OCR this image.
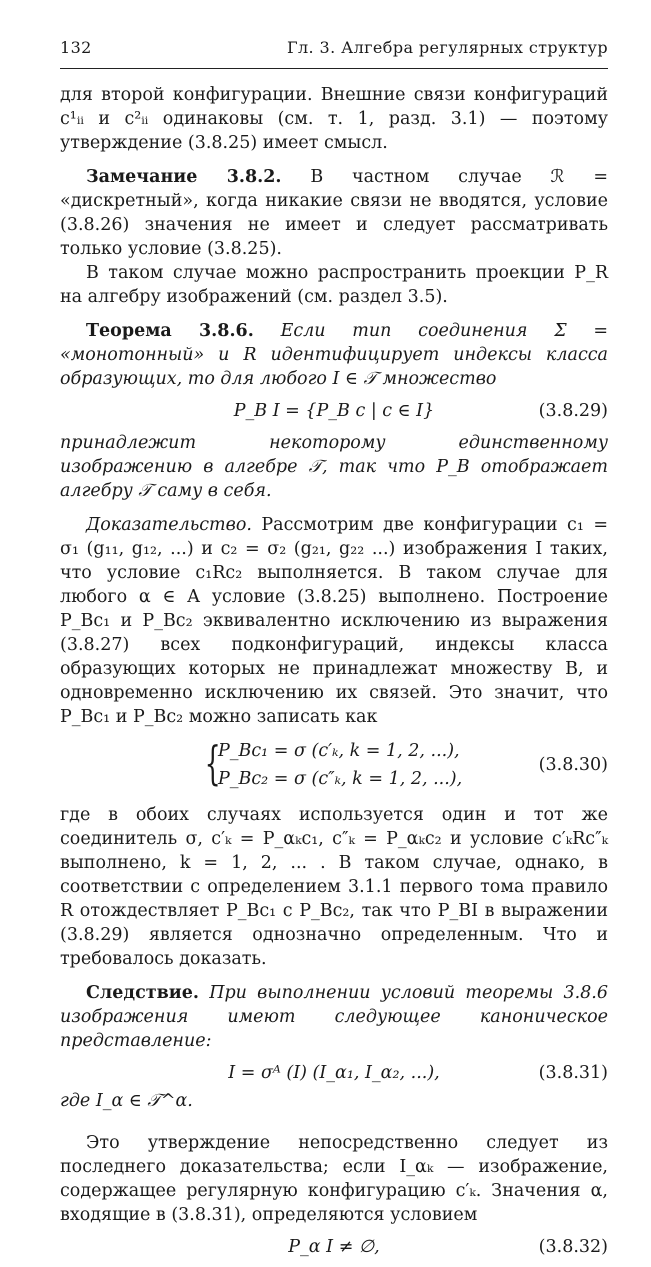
132	Гл. 3. Алгебра регулярных структур

для второй конфигурации. Внешние связи конфигураций c¹ᵢᵢ и c²ᵢᵢ одинаковы (см. т. 1, разд. 3.1) — поэтому утверждение (3.8.25) имеет смысл.

Замечание 3.8.2. В частном случае ℛ = «дискретный», когда никакие связи не вводятся, условие (3.8.26) значения не имеет и следует рассматривать только условие (3.8.25).

В таком случае можно распространить проекции P_R на алгебру изображений (см. раздел 3.5).

Теорема 3.8.6. Если тип соединения Σ = «монотонный» и R идентифицирует индексы класса образующих, то для любого I ∈ 𝒯 множество

P_B I = {P_B c | c ∈ I}	(3.8.29)

принадлежит некоторому единственному изображению в алгебре 𝒯, так что P_B отображает алгебру 𝒯 саму в себя.

Доказательство. Рассмотрим две конфигурации c₁ = σ₁ (g₁₁, g₁₂, ...) и c₂ = σ₂ (g₂₁, g₂₂ ...) изображения I таких, что условие c₁Rc₂ выполняется. В таком случае для любого α ∈ A условие (3.8.25) выполнено. Построение P_Bc₁ и P_Bc₂ эквивалентно исключению из выражения (3.8.27) всех подконфигураций, индексы класса образующих которых не принадлежат множеству B, и одновременно исключению их связей. Это значит, что P_Bc₁ и P_Bc₂ можно записать как

{
P_Bc₁ = σ (c′ₖ, k = 1, 2, ...),
P_Bc₂ = σ (c″ₖ, k = 1, 2, ...),
(3.8.30)

где в обоих случаях используется один и тот же соединитель σ, c′ₖ = P_αₖc₁, c″ₖ = P_αₖc₂ и условие c′ₖRc″ₖ выполнено, k = 1, 2, ... . В таком случае, однако, в соответствии с определением 3.1.1 первого тома правило R отождествляет P_Bc₁ с P_Bc₂, так что P_BI в выражении (3.8.29) является однозначно определенным. Что и требовалось доказать.

Следствие. При выполнении условий теоремы 3.8.6 изображения имеют следующее каноническое представление:

I = σᴬ (I) (I_α₁, I_α₂, ...),	(3.8.31)

где I_α ∈ 𝒯^α.

Это утверждение непосредственно следует из последнего доказательства; если I_αₖ — изображение, содержащее регулярную конфигурацию c′ₖ. Значения α, входящие в (3.8.31), определяются условием

P_α I ≠ ∅,	(3.8.32)
